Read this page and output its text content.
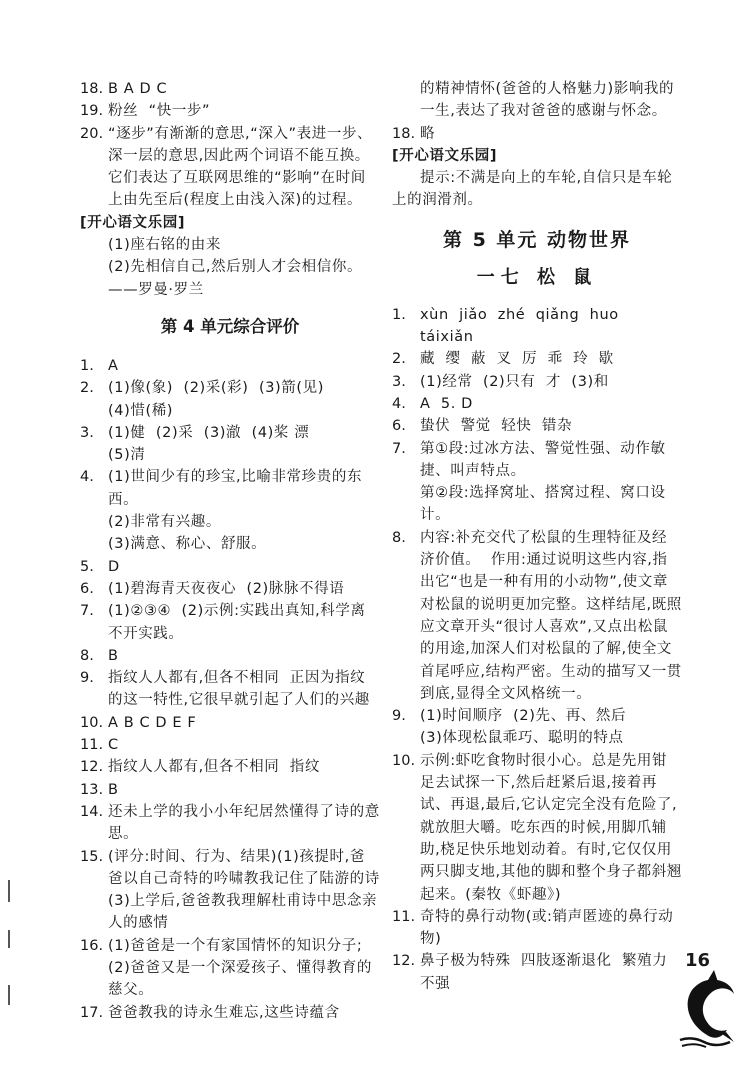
18. B A D C
19. 粉丝  “快一步”
20. “逐步”有渐渐的意思,“深入”表进一步、深一层的意思,因此两个词语不能互换。它们表达了互联网思维的“影响”在时间上由先至后(程度上由浅入深)的过程。
[开心语文乐园]
(1)座右铭的由来
(2)先相信自己,然后别人才会相信你。——罗曼·罗兰
第 4 单元综合评价
1. A
2. (1)像(象)  (2)采(彩)  (3)箭(见)
(4)惜(稀)
3. (1)健  (2)采  (3)澈  (4)桨 漂
(5)清
4. (1)世间少有的珍宝,比喻非常珍贵的东西。
(2)非常有兴趣。
(3)满意、称心、舒服。
5. D
6. (1)碧海青天夜夜心  (2)脉脉不得语
7. (1)②③④  (2)示例:实践出真知,科学离不开实践。
8. B
9. 指纹人人都有,但各不相同  正因为指纹的这一特性,它很早就引起了人们的兴趣
10. A B C D E F
11. C
12. 指纹人人都有,但各不相同  指纹
13. B
14. 还未上学的我小小年纪居然懂得了诗的意思。
15. (评分:时间、行为、结果)(1)孩提时,爸爸以自己奇特的吟啸教我记住了陆游的诗  (3)上学后,爸爸教我理解杜甫诗中思念亲人的感情
16. (1)爸爸是一个有家国情怀的知识分子;(2)爸爸又是一个深爱孩子、懂得教育的慈父。
17. 爸爸教我的诗永生难忘,这些诗蕴含
的精神情怀(爸爸的人格魅力)影响我的一生,表达了我对爸爸的感谢与怀念。
18. 略
[开心语文乐园]
提示:不满是向上的车轮,自信只是车轮上的润滑剂。
第 5 单元 动物世界
一七 松 鼠
1. xùn  jiǎo  zhé  qiǎng  huo
táixiǎn
2. 藏  缨  蔽  叉  厉  乖  玲  歇
3. (1)经常  (2)只有  才  (3)和
4. A  5. D
6. 蛰伏  警觉  轻快  错杂
7. 第①段:过冰方法、警觉性强、动作敏捷、叫声特点。
第②段:选择窝址、搭窝过程、窝口设计。
8. 内容:补充交代了松鼠的生理特征及经济价值。  作用:通过说明这些内容,指出它“也是一种有用的小动物”,使文章对松鼠的说明更加完整。这样结尾,既照应文章开头“很讨人喜欢”,又点出松鼠的用途,加深人们对松鼠的了解,使全文首尾呼应,结构严密。生动的描写又一贯到底,显得全文风格统一。
9. (1)时间顺序  (2)先、再、然后
(3)体现松鼠乖巧、聪明的特点
10. 示例:虾吃食物时很小心。总是先用钳足去试探一下,然后赶紧后退,接着再试、再退,最后,它认定完全没有危险了,就放胆大嚼。吃东西的时候,用脚爪辅助,桡足快乐地划动着。有时,它仅仅用两只脚支地,其他的脚和整个身子都斜翘起来。(秦牧《虾趣》)
11. 奇特的鼻行动物(或:销声匿迹的鼻行动物)
12. 鼻子极为特殊  四肢逐渐退化  繁殖力不强
16
